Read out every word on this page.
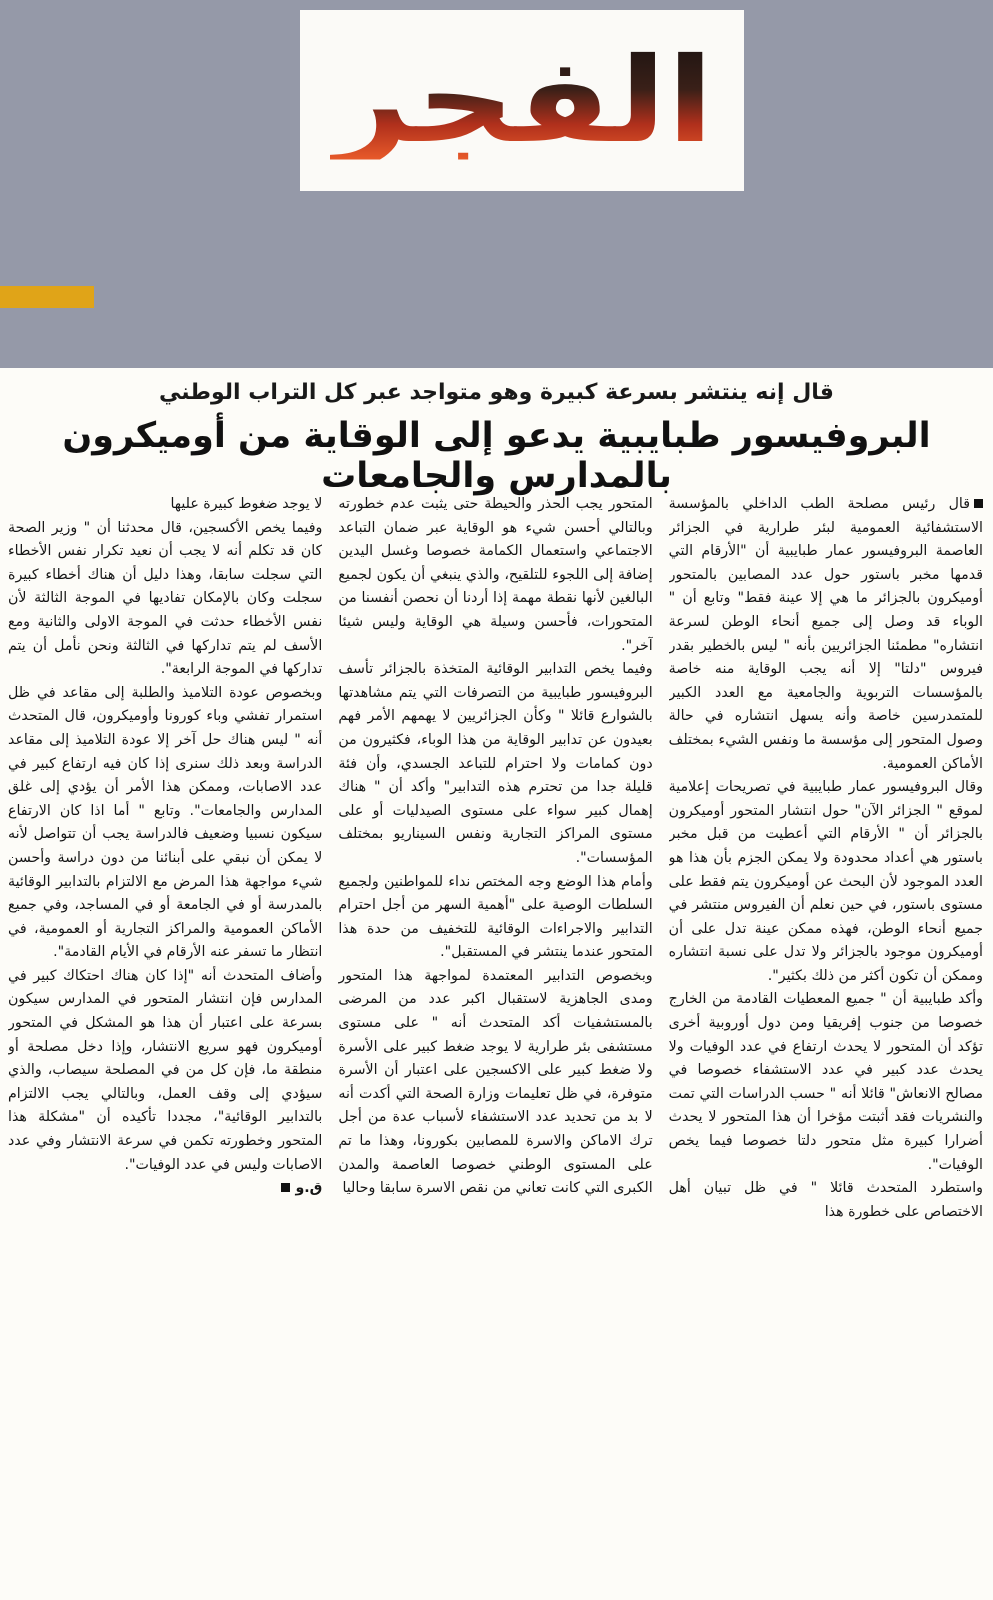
الفجر
قال إنه ينتشر بسرعة كبيرة وهو متواجد عبر كل التراب الوطني
البروفيسور طبايبية يدعو إلى الوقاية من أوميكرون بالمدارس والجامعات

قال رئيس مصلحة الطب الداخلي بالمؤسسة الاستشفائية العمومية لبئر طرارية في الجزائر العاصمة البروفيسور عمار طبايبية أن "الأرقام التي قدمها مخبر باستور حول عدد المصابين بالمتحور أوميكرون بالجزائر ما هي إلا عينة فقط" وتابع أن " الوباء قد وصل إلى جميع أنحاء الوطن لسرعة انتشاره" مطمئنا الجزائريين بأنه " ليس بالخطير بقدر فيروس "دلتا" إلا أنه يجب الوقاية منه خاصة بالمؤسسات التربوية والجامعية مع العدد الكبير للمتمدرسين خاصة وأنه يسهل انتشاره في حالة وصول المتحور إلى مؤسسة ما ونفس الشيء بمختلف الأماكن العمومية.

وقال البروفيسور عمار طبايبية في تصريحات إعلامية لموقع " الجزائر الآن" حول انتشار المتحور أوميكرون بالجزائر أن " الأرقام التي أعطيت من قبل مخبر باستور هي أعداد محدودة ولا يمكن الجزم بأن هذا هو العدد الموجود لأن البحث عن أوميكرون يتم فقط على مستوى باستور، في حين نعلم أن الفيروس منتشر في جميع أنحاء الوطن، فهذه ممكن عينة تدل على أن أوميكرون موجود بالجزائر ولا تدل على نسبة انتشاره وممكن أن تكون أكثر من ذلك بكثير".

وأكد طبايبية أن " جميع المعطيات القادمة من الخارج خصوصا من جنوب إفريقيا ومن دول أوروبية أخرى تؤكد أن المتحور لا يحدث ارتفاع في عدد الوفيات ولا يحدث عدد كبير في عدد الاستشفاء خصوصا في مصالح الانعاش" قائلا أنه " حسب الدراسات التي تمت والنشريات فقد أثبتت مؤخرا أن هذا المتحور لا يحدث أضرارا كبيرة مثل متحور دلتا خصوصا فيما يخص الوفيات".

واستطرد المتحدث قائلا " في ظل تبيان أهل الاختصاص على خطورة هذا

المتحور يجب الحذر والحيطة حتى يثبت عدم خطورته وبالتالي أحسن شيء هو الوقاية عبر ضمان التباعد الاجتماعي واستعمال الكمامة خصوصا وغسل اليدين إضافة إلى اللجوء للتلقيح، والذي ينبغي أن يكون لجميع البالغين لأنها نقطة مهمة إذا أردنا أن نحصن أنفسنا من المتحورات، فأحسن وسيلة هي الوقاية وليس شيئا آخر".

وفيما يخص التدابير الوقائية المتخذة بالجزائر تأسف البروفيسور طبايبية من التصرفات التي يتم مشاهدتها بالشوارع قائلا " وكأن الجزائريين لا يهمهم الأمر فهم بعيدون عن تدابير الوقاية من هذا الوباء، فكثيرون من دون كمامات ولا احترام للتباعد الجسدي، وأن فئة قليلة جدا من تحترم هذه التدابير" وأكد أن " هناك إهمال كبير سواء على مستوى الصيدليات أو على مستوى المراكز التجارية ونفس السيناريو بمختلف المؤسسات".

وأمام هذا الوضع وجه المختص نداء للمواطنين ولجميع السلطات الوصية على "أهمية السهر من أجل احترام التدابير والاجراءات الوقائية للتخفيف من حدة هذا المتحور عندما ينتشر في المستقبل".

وبخصوص التدابير المعتمدة لمواجهة هذا المتحور ومدى الجاهزية لاستقبال اكبر عدد من المرضى بالمستشفيات أكد المتحدث أنه " على مستوى مستشفى بئر طرارية لا يوجد ضغط كبير على الأسرة ولا ضغط كبير على الاكسجين على اعتبار أن الأسرة متوفرة، في ظل تعليمات وزارة الصحة التي أكدت أنه لا بد من تحديد عدد الاستشفاء لأسباب عدة من أجل ترك الاماكن والاسرة للمصابين بكورونا، وهذا ما تم على المستوى الوطني خصوصا العاصمة والمدن الكبرى التي كانت تعاني من نقص الاسرة سابقا وحاليا

لا يوجد ضغوط كبيرة عليها

وفيما يخص الأكسجين، قال محدثنا أن " وزير الصحة كان قد تكلم أنه لا يجب أن نعيد تكرار نفس الأخطاء التي سجلت سابقا، وهذا دليل أن هناك أخطاء كبيرة سجلت وكان بالإمكان تفاديها في الموجة الثالثة لأن نفس الأخطاء حدثت في الموجة الاولى والثانية ومع الأسف لم يتم تداركها في الثالثة ونحن نأمل أن يتم تداركها في الموجة الرابعة".

وبخصوص عودة التلاميذ والطلبة إلى مقاعد في ظل استمرار تفشي وباء كورونا وأوميكرون، قال المتحدث أنه " ليس هناك حل آخر إلا عودة التلاميذ إلى مقاعد الدراسة وبعد ذلك سنرى إذا كان فيه ارتفاع كبير في عدد الاصابات، وممكن هذا الأمر أن يؤدي إلى غلق المدارس والجامعات". وتابع " أما اذا كان الارتفاع سيكون نسبيا وضعيف فالدراسة يجب أن تتواصل لأنه لا يمكن أن نبقي على أبنائنا من دون دراسة وأحسن شيء مواجهة هذا المرض مع الالتزام بالتدابير الوقائية بالمدرسة أو في الجامعة أو في المساجد، وفي جميع الأماكن العمومية والمراكز التجارية أو العمومية، في انتظار ما تسفر عنه الأرقام في الأيام القادمة".

وأضاف المتحدث أنه "إذا كان هناك احتكاك كبير في المدارس فإن انتشار المتحور في المدارس سيكون بسرعة على اعتبار أن هذا هو المشكل في المتحور أوميكرون فهو سريع الانتشار، وإذا دخل مصلحة أو منطقة ما، فإن كل من في المصلحة سيصاب، والذي سيؤدي إلى وقف العمل، وبالتالي يجب الالتزام بالتدابير الوقائية"، مجددا تأكيده أن "مشكلة هذا المتحور وخطورته تكمن في سرعة الانتشار وفي عدد الاصابات وليس في عدد الوفيات".

ق.و
